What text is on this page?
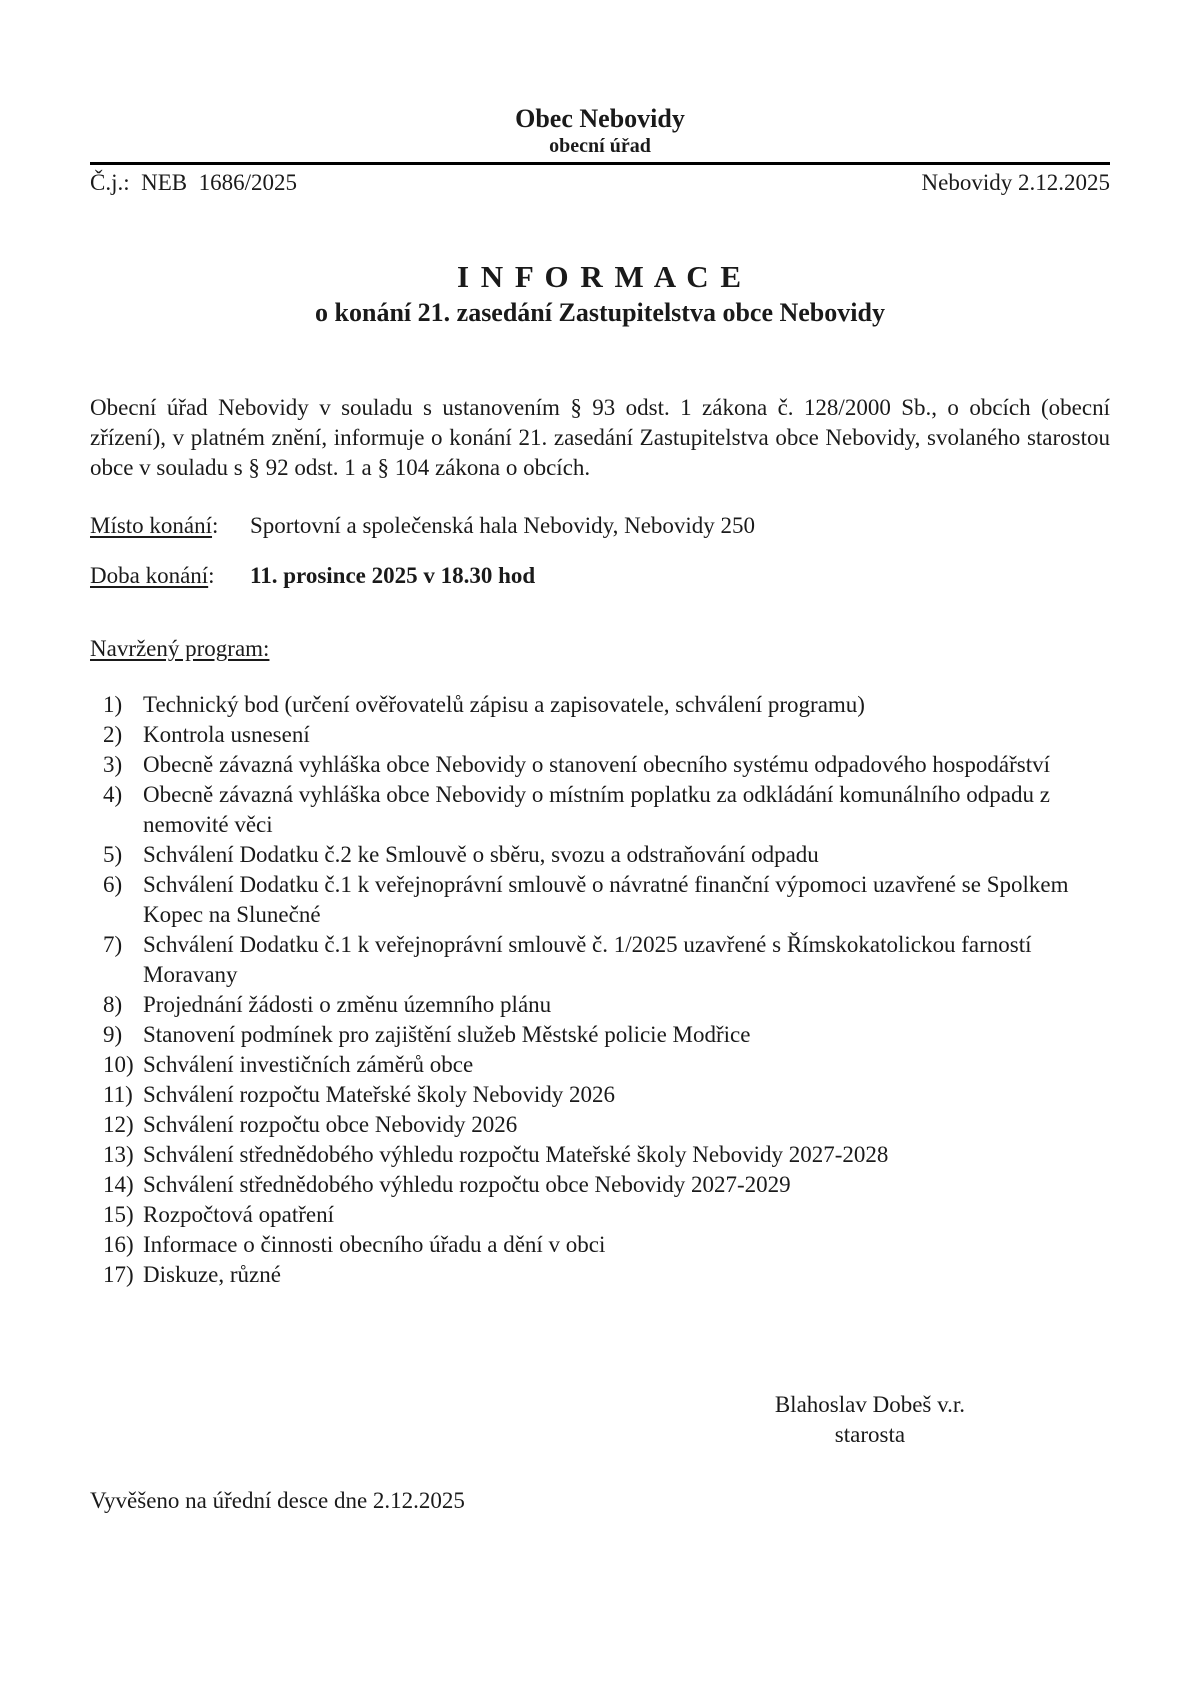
Obec Nebovidy
obecní úřad
Č.j.:  NEB  1686/2025	Nebovidy 2.12.2025
I N F O R M A C E
o konání 21. zasedání Zastupitelstva obce Nebovidy

Obecní úřad Nebovidy v souladu s ustanovením § 93 odst. 1 zákona č. 128/2000 Sb., o obcích (obecní zřízení), v platném znění, informuje o konání 21. zasedání Zastupitelstva obce Nebovidy, svolaného starostou obce v souladu s § 92 odst. 1 a § 104 zákona o obcích.

Místo konání:	Sportovní a společenská hala Nebovidy, Nebovidy 250
Doba konání:	11. prosince 2025 v 18.30 hod
Navržený program:
1) Technický bod (určení ověřovatelů zápisu a zapisovatele, schválení programu)
2) Kontrola usnesení
3) Obecně závazná vyhláška obce Nebovidy o stanovení obecního systému odpadového hospodářství
4) Obecně závazná vyhláška obce Nebovidy o místním poplatku za odkládání komunálního odpadu z nemovité věci
5) Schválení Dodatku č.2 ke Smlouvě o sběru, svozu a odstraňování odpadu
6) Schválení Dodatku č.1 k veřejnoprávní smlouvě o návratné finanční výpomoci uzavřené se Spolkem Kopec na Slunečné
7) Schválení Dodatku č.1 k veřejnoprávní smlouvě č. 1/2025 uzavřené s Římskokatolickou farností Moravany
8) Projednání žádosti o změnu územního plánu
9) Stanovení podmínek pro zajištění služeb Městské policie Modřice
10) Schválení investičních záměrů obce
11) Schválení rozpočtu Mateřské školy Nebovidy 2026
12) Schválení rozpočtu obce Nebovidy 2026
13) Schválení střednědobého výhledu rozpočtu Mateřské školy Nebovidy 2027-2028
14) Schválení střednědobého výhledu rozpočtu obce Nebovidy 2027-2029
15) Rozpočtová opatření
16) Informace o činnosti obecního úřadu a dění v obci
17) Diskuze, různé
Blahoslav Dobeš v.r.
starosta
Vyvěšeno na úřední desce dne 2.12.2025
